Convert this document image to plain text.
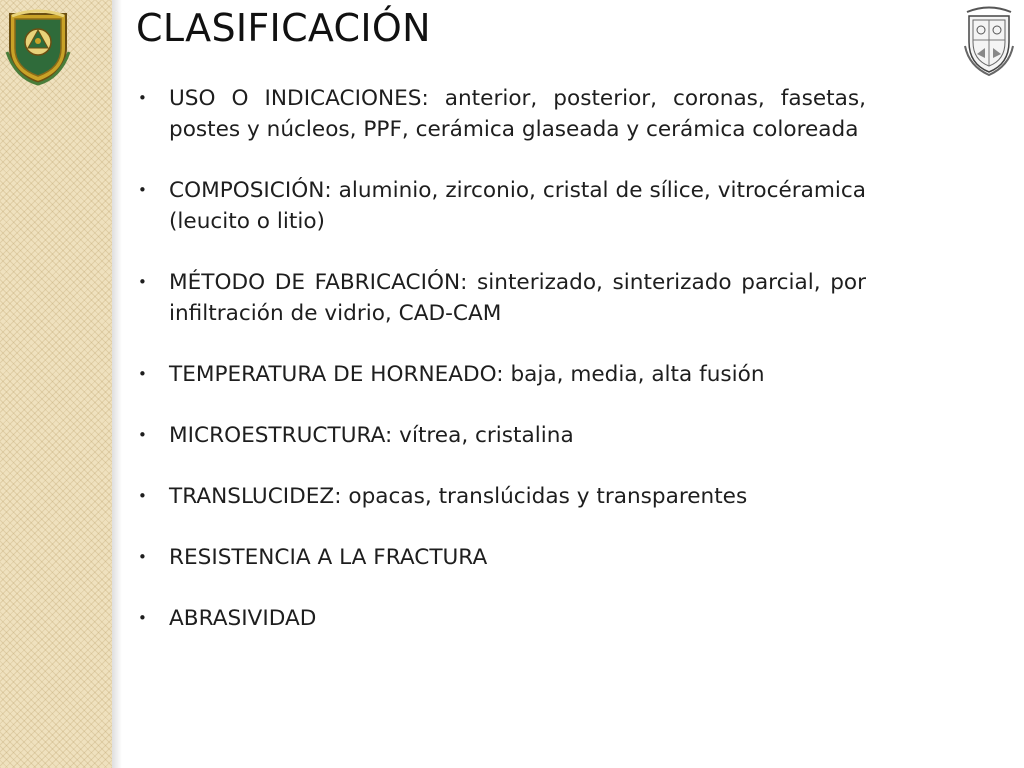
CLASIFICACIÓN
• USO O INDICACIONES: anterior, posterior, coronas, fasetas, postes y núcleos, PPF, cerámica glaseada y cerámica coloreada
• COMPOSICIÓN: aluminio, zirconio, cristal de sílice, vitrocéramica (leucito o litio)
• MÉTODO DE FABRICACIÓN: sinterizado, sinterizado parcial, por infiltración de vidrio, CAD-CAM
• TEMPERATURA DE HORNEADO: baja, media, alta fusión
• MICROESTRUCTURA: vítrea, cristalina
• TRANSLUCIDEZ: opacas, translúcidas y transparentes
• RESISTENCIA A LA FRACTURA
• ABRASIVIDAD
